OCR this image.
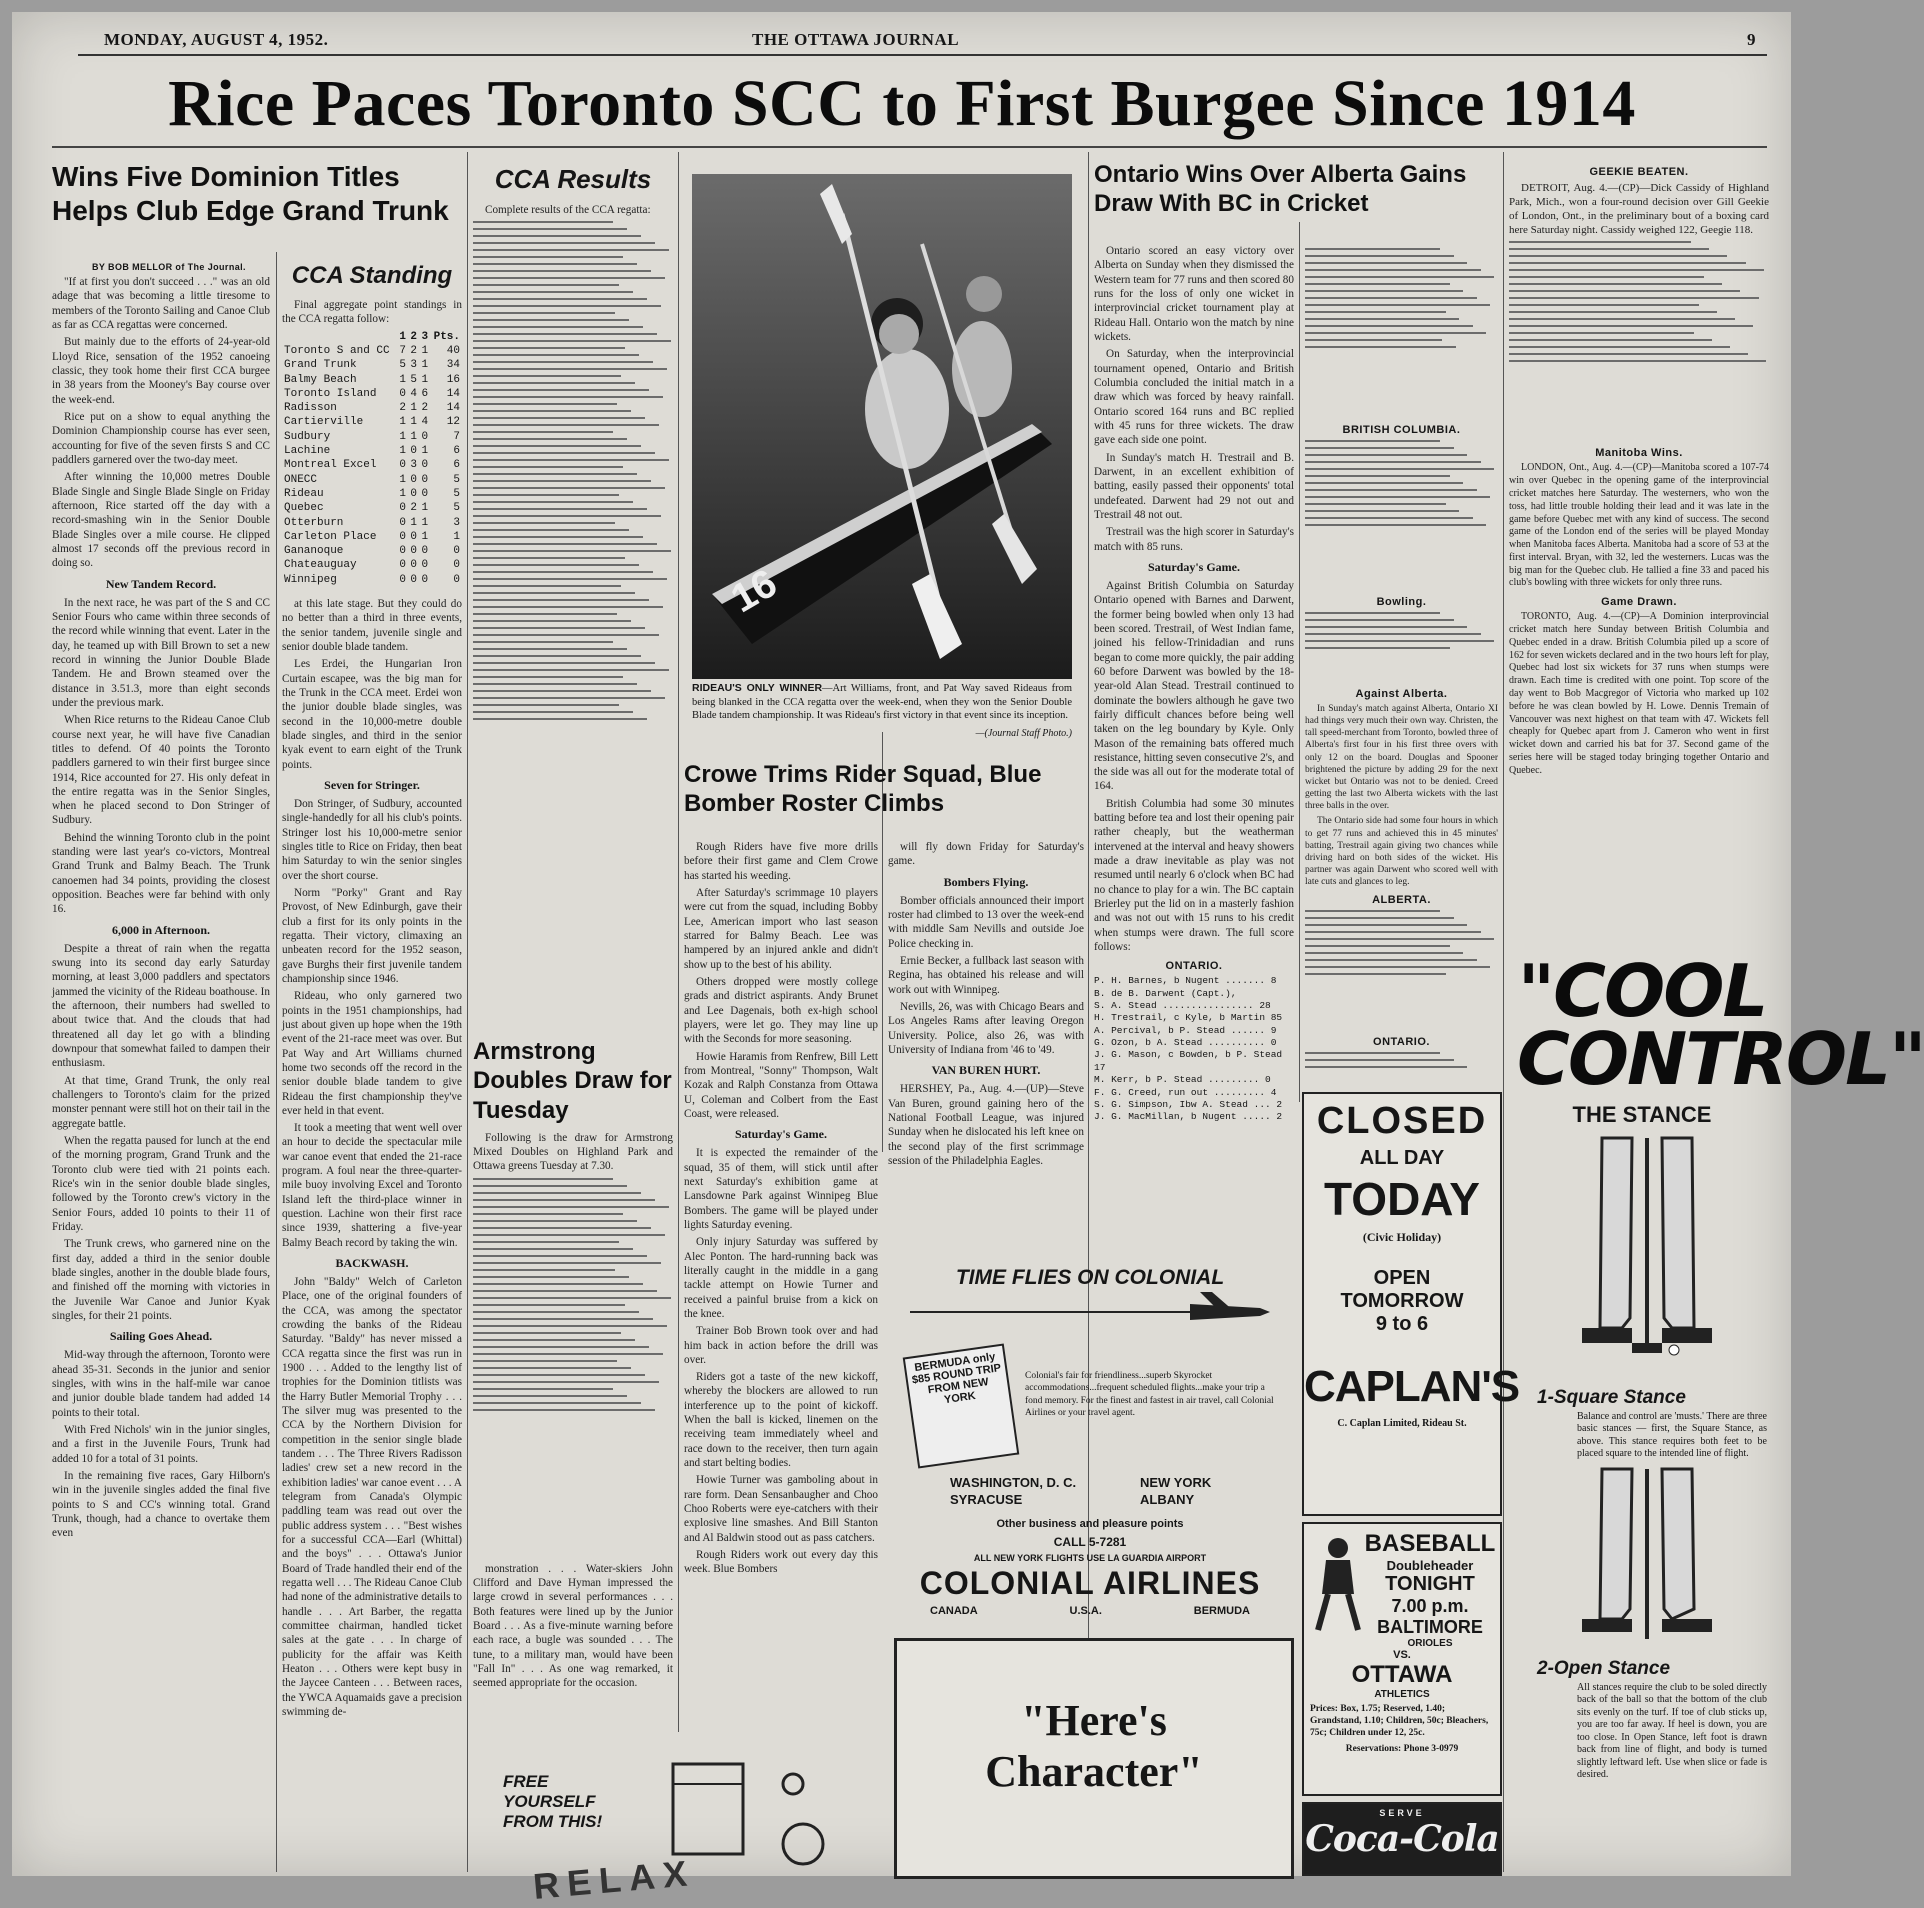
MONDAY, AUGUST 4, 1952.	THE OTTAWA JOURNAL	9
Rice Paces Toronto SCC to First Burgee Since 1914
Wins Five Dominion Titles Helps Club Edge Grand Trunk
BY BOB MELLOR of The Journal.

"If at first you don't succeed . . ." was an old adage that was becoming a little tiresome to members of the Toronto Sailing and Canoe Club as far as CCA regattas were concerned.

But mainly due to the efforts of 24-year-old Lloyd Rice, sensation of the 1952 canoeing classic, they took home their first CCA burgee in 38 years from the Mooney's Bay course over the week-end.

Rice put on a show to equal anything the Dominion Championship course has ever seen, accounting for five of the seven firsts S and CC paddlers garnered over the two-day meet.

After winning the 10,000 metres Double Blade Single and Single Blade Single on Friday afternoon, Rice started off the day with a record-smashing win in the Senior Double Blade Singles over a mile course. He clipped almost 17 seconds off the previous record in doing so.

New Tandem Record.

In the next race, he was part of the S and CC Senior Fours who came within three seconds of the record while winning that event. Later in the day, he teamed up with Bill Brown to set a new record in winning the Junior Double Blade Tandem. He and Brown steamed over the distance in 3.51.3, more than eight seconds under the previous mark.

When Rice returns to the Rideau Canoe Club course next year, he will have five Canadian titles to defend. Of 40 points the Toronto paddlers garnered to win their first burgee since 1914, Rice accounted for 27. His only defeat in the entire regatta was in the Senior Singles, when he placed second to Don Stringer of Sudbury.

Behind the winning Toronto club in the point standing were last year's co-victors, Montreal Grand Trunk and Balmy Beach. The Trunk canoemen had 34 points, providing the closest opposition. Beaches were far behind with only 16.

6,000 in Afternoon.

Despite a threat of rain when the regatta swung into its second day early Saturday morning, at least 3,000 paddlers and spectators jammed the vicinity of the Rideau boathouse. In the afternoon, their numbers had swelled to about twice that. And the clouds that had threatened all day let go with a blinding downpour that somewhat failed to dampen their enthusiasm.

At that time, Grand Trunk, the only real challengers to Toronto's claim for the prized monster pennant were still hot on their tail in the aggregate battle.

When the regatta paused for lunch at the end of the morning program, Grand Trunk and the Toronto club were tied with 21 points each. Rice's win in the senior double blade singles, followed by the Toronto crew's victory in the Senior Fours, added 10 points to their 11 of Friday.

The Trunk crews, who garnered nine on the first day, added a third in the senior double blade singles, another in the double blade fours, and finished off the morning with victories in the Juvenile War Canoe and Junior Kyak singles, for their 21 points.

Sailing Goes Ahead.

Mid-way through the afternoon, Toronto were ahead 35-31. Seconds in the junior and senior singles, with wins in the half-mile war canoe and junior double blade tandem had added 14 points to their total.

With Fred Nichols' win in the junior singles, and a first in the Juvenile Fours, Trunk had added 10 for a total of 31 points.

In the remaining five races, Gary Hilborn's win in the juvenile singles added the final five points to S and CC's winning total. Grand Trunk, though, had a chance to overtake them even

CCA Standing

Final aggregate point standings in the CCA regatta follow:

	1	2	3	Pts.
Toronto S and CC	7	2	1	40
Grand Trunk	5	3	1	34
Balmy Beach	1	5	1	16
Toronto Island	0	4	6	14
Radisson	2	1	2	14
Cartierville	1	1	4	12
Sudbury	1	1	0	7
Lachine	1	0	1	6
Montreal Excel	0	3	0	6
ONECC	1	0	0	5
Rideau	1	0	0	5
Quebec	0	2	1	5
Otterburn	0	1	1	3
Carleton Place	0	0	1	1
Gananoque	0	0	0	0
Chateauguay	0	0	0	0
Winnipeg	0	0	0	0

at this late stage. But they could do no better than a third in three events, the senior tandem, juvenile single and senior double blade tandem.

Les Erdei, the Hungarian Iron Curtain escapee, was the big man for the Trunk in the CCA meet. Erdei won the junior double blade singles, was second in the 10,000-metre double blade singles, and third in the senior kyak event to earn eight of the Trunk points.

Seven for Stringer.

Don Stringer, of Sudbury, accounted single-handedly for all his club's points. Stringer lost his 10,000-metre senior singles title to Rice on Friday, then beat him Saturday to win the senior singles over the short course.

Norm "Porky" Grant and Ray Provost, of New Edinburgh, gave their club a first for its only points in the regatta. Their victory, climaxing an unbeaten record for the 1952 season, gave Burghs their first juvenile tandem championship since 1946.

Rideau, who only garnered two points in the 1951 championships, had just about given up hope when the 19th event of the 21-race meet was over. But Pat Way and Art Williams churned home two seconds off the record in the senior double blade tandem to give Rideau the first championship they've ever held in that event.

It took a meeting that went well over an hour to decide the spectacular mile war canoe event that ended the 21-race program. A foul near the three-quarter-mile buoy involving Excel and Toronto Island left the third-place winner in question. Lachine won their first race since 1939, shattering a five-year Balmy Beach record by taking the win.

BACKWASH.

John "Baldy" Welch of Carleton Place, one of the original founders of the CCA, was among the spectator crowding the banks of the Rideau Saturday. "Baldy" has never missed a CCA regatta since the first was run in 1900 . . . Added to the lengthy list of trophies for the Dominion titlists was the Harry Butler Memorial Trophy . . . The silver mug was presented to the CCA by the Northern Division for competition in the senior single blade tandem . . . The Three Rivers Radisson ladies' crew set a new record in the exhibition ladies' war canoe event . . . A telegram from Canada's Olympic paddling team was read out over the public address system . . . "Best wishes for a successful CCA—Earl (Whittal) and the boys" . . . Ottawa's Junior Board of Trade handled their end of the regatta well . . . The Rideau Canoe Club had none of the administrative details to handle . . . Art Barber, the regatta committee chairman, handled ticket sales at the gate . . . In charge of publicity for the affair was Keith Heaton . . . Others were kept busy in the Jaycee Canteen . . . Between races, the YWCA Aquamaids gave a precision swimming de-

CCA Results

Complete results of the CCA regatta:

Armstrong Doubles Draw for Tuesday

Following is the draw for Armstrong Mixed Doubles on Highland Park and Ottawa greens Tuesday at 7.30.

monstration . . . Water-skiers John Clifford and Dave Hyman impressed the large crowd in several performances . . . Both features were lined up by the Junior Board . . . As a five-minute warning before each race, a bugle was sounded . . . The tune, to a military man, would have been "Fall In" . . . As one wag remarked, it seemed appropriate for the occasion.

16
RIDEAU'S ONLY WINNER—Art Williams, front, and Pat Way saved Rideaus from being blanked in the CCA regatta over the week-end, when they won the Senior Double Blade tandem championship. It was Rideau's first victory in that event since its inception.
—(Journal Staff Photo.)
Crowe Trims Rider Squad, Blue Bomber Roster Climbs

Rough Riders have five more drills before their first game and Clem Crowe has started his weeding.

After Saturday's scrimmage 10 players were cut from the squad, including Bobby Lee, American import who last season starred for Balmy Beach. Lee was hampered by an injured ankle and didn't show up to the best of his ability.

Others dropped were mostly college grads and district aspirants. Andy Brunet and Lee Dagenais, both ex-high school players, were let go. They may line up with the Seconds for more seasoning.

Howie Haramis from Renfrew, Bill Lett from Montreal, "Sonny" Thompson, Walt Kozak and Ralph Constanza from Ottawa U, Coleman and Colbert from the East Coast, were released.

Saturday's Game.

It is expected the remainder of the squad, 35 of them, will stick until after next Saturday's exhibition game at Lansdowne Park against Winnipeg Blue Bombers. The game will be played under lights Saturday evening.

Only injury Saturday was suffered by Alec Ponton. The hard-running back was literally caught in the middle in a gang tackle attempt on Howie Turner and received a painful bruise from a kick on the knee.

Trainer Bob Brown took over and had him back in action before the drill was over.

Riders got a taste of the new kickoff, whereby the blockers are allowed to run interference up to the point of kickoff. When the ball is kicked, linemen on the receiving team immediately wheel and race down to the receiver, then turn again and start belting bodies.

Howie Turner was gamboling about in rare form. Dean Sensanbaugher and Choo Choo Roberts were eye-catchers with their explosive line smashes. And Bill Stanton and Al Baldwin stood out as pass catchers.

Rough Riders work out every day this week. Blue Bombers

will fly down Friday for Saturday's game.

Bombers Flying.

Bomber officials announced their import roster had climbed to 13 over the week-end with middle Sam Nevills and outside Joe Police checking in.

Ernie Becker, a fullback last season with Regina, has obtained his release and will work out with Winnipeg.

Nevills, 26, was with Chicago Bears and Los Angeles Rams after leaving Oregon University. Police, also 26, was with University of Indiana from '46 to '49.

VAN BUREN HURT.

HERSHEY, Pa., Aug. 4.—(UP)—Steve Van Buren, ground gaining hero of the National Football League, was injured Sunday when he dislocated his left knee on the second play of the first scrimmage session of the Philadelphia Eagles.

TIME FLIES ON COLONIAL
BERMUDA only $85 ROUND TRIP FROM NEW YORK
Colonial's fair for friendliness...superb Skyrocket accommodations...frequent scheduled flights...make your trip a fond memory. For the finest and fastest in air travel, call Colonial Airlines or your travel agent.
WASHINGTON, D. C.	NEW YORK

SYRACUSE	ALBANY
Other business and pleasure points
CALL 5-7281
ALL NEW YORK FLIGHTS USE LA GUARDIA AIRPORT
COLONIAL AIRLINES
CANADA	U.S.A.	BERMUDA
"Here's Character"
FREE YOURSELF FROM THIS!
RELAX
Ontario Wins Over Alberta Gains Draw With BC in Cricket

Ontario scored an easy victory over Alberta on Sunday when they dismissed the Western team for 77 runs and then scored 80 runs for the loss of only one wicket in interprovincial cricket tournament play at Rideau Hall. Ontario won the match by nine wickets.

On Saturday, when the interprovincial tournament opened, Ontario and British Columbia concluded the initial match in a draw which was forced by heavy rainfall. Ontario scored 164 runs and BC replied with 45 runs for three wickets. The draw gave each side one point.

In Sunday's match H. Trestrail and B. Darwent, in an excellent exhibition of batting, easily passed their opponents' total undefeated. Darwent had 29 not out and Trestrail 48 not out.

Trestrail was the high scorer in Saturday's match with 85 runs.

Saturday's Game.

Against British Columbia on Saturday Ontario opened with Barnes and Darwent, the former being bowled when only 13 had been scored. Trestrail, of West Indian fame, joined his fellow-Trinidadian and runs began to come more quickly, the pair adding 60 before Darwent was bowled by the 18-year-old Alan Stead. Trestrail continued to dominate the bowlers although he gave two fairly difficult chances before being well taken on the leg boundary by Kyle. Only Mason of the remaining bats offered much resistance, hitting seven consecutive 2's, and the side was all out for the moderate total of 164.

British Columbia had some 30 minutes batting before tea and lost their opening pair rather cheaply, but the weatherman intervened at the interval and heavy showers made a draw inevitable as play was not resumed until nearly 6 o'clock when BC had no chance to play for a win. The BC captain Brierley put the lid on in a masterly fashion and was not out with 15 runs to his credit when stumps were drawn. The full score follows:

ONTARIO.
P. H. Barnes, b Nugent ....... 8
B. de B. Darwent (Capt.),
S. A. Stead ................ 28
H. Trestrail, c Kyle, b Martin 85
A. Percival, b P. Stead ...... 9
G. Ozon, b A. Stead .......... 0
J. G. Mason, c Bowden, b P. Stead 17
M. Kerr, b P. Stead ......... 0
F. G. Creed, run out ......... 4
S. G. Simpson, Ibw A. Stead ... 2
J. G. MacMillan, b Nugent ..... 2
BRITISH COLUMBIA.
Bowling.
Against Alberta.

In Sunday's match against Alberta, Ontario XI had things very much their own way. Christen, the tall speed-merchant from Toronto, bowled three of Alberta's first four in his first three overs with only 12 on the board. Douglas and Spooner brightened the picture by adding 29 for the next wicket but Ontario was not to be denied. Creed getting the last two Alberta wickets with the last three balls in the over.

The Ontario side had some four hours in which to get 77 runs and achieved this in 45 minutes' batting, Trestrail again giving two chances while driving hard on both sides of the wicket. His partner was again Darwent who scored well with late cuts and glances to leg.

ALBERTA.
ONTARIO.
CLOSED
ALL DAY
TODAY
(Civic Holiday)
OPEN
TOMORROW
9 to 6
CAPLAN'S
C. Caplan Limited, Rideau St.
BASEBALL
Doubleheader
TONIGHT
7.00 p.m.
BALTIMORE
ORIOLES
VS.
OTTAWA
ATHLETICS
Prices: Box, 1.75; Reserved, 1.40; Grandstand, 1.10; Children, 50c; Bleachers, 75c; Children under 12, 25c.
Reservations: Phone 3-0979
SERVE
Coca-Cola
GEEKIE BEATEN.

DETROIT, Aug. 4.—(CP)—Dick Cassidy of Highland Park, Mich., won a four-round decision over Gill Geekie of London, Ont., in the preliminary bout of a boxing card here Saturday night. Cassidy weighed 122, Geegie 118.

Manitoba Wins.

LONDON, Ont., Aug. 4.—(CP)—Manitoba scored a 107-74 win over Quebec in the opening game of the interprovincial cricket matches here Saturday. The westerners, who won the toss, had little trouble holding their lead and it was late in the game before Quebec met with any kind of success. The second game of the London end of the series will be played Monday when Manitoba faces Alberta. Manitoba had a score of 53 at the first interval. Bryan, with 32, led the westerners. Lucas was the big man for the Quebec club. He tallied a fine 33 and paced his club's bowling with three wickets for only three runs.

Game Drawn.

TORONTO, Aug. 4.—(CP)—A Dominion interprovincial cricket match here Sunday between British Columbia and Quebec ended in a draw. British Columbia piled up a score of 162 for seven wickets declared and in the two hours left for play, Quebec had lost six wickets for 37 runs when stumps were drawn. Each time is credited with one point. Top score of the day went to Bob Macgregor of Victoria who marked up 102 before he was clean bowled by H. Lowe. Dennis Tremain of Vancouver was next highest on that team with 47. Wickets fell cheaply for Quebec apart from J. Cameron who went in first wicket down and carried his bat for 37. Second game of the series here will be staged today bringing together Ontario and Quebec.

"COOL CONTROL"
THE STANCE
1-Square Stance
Balance and control are 'musts.' There are three basic stances — first, the Square Stance, as above. This stance requires both feet to be placed square to the intended line of flight.
2-Open Stance
All stances require the club to be soled directly back of the ball so that the bottom of the club sits evenly on the turf. If toe of club sticks up, you are too far away. If heel is down, you are too close. In Open Stance, left foot is drawn back from line of flight, and body is turned slightly leftward left. Use when slice or fade is desired.
